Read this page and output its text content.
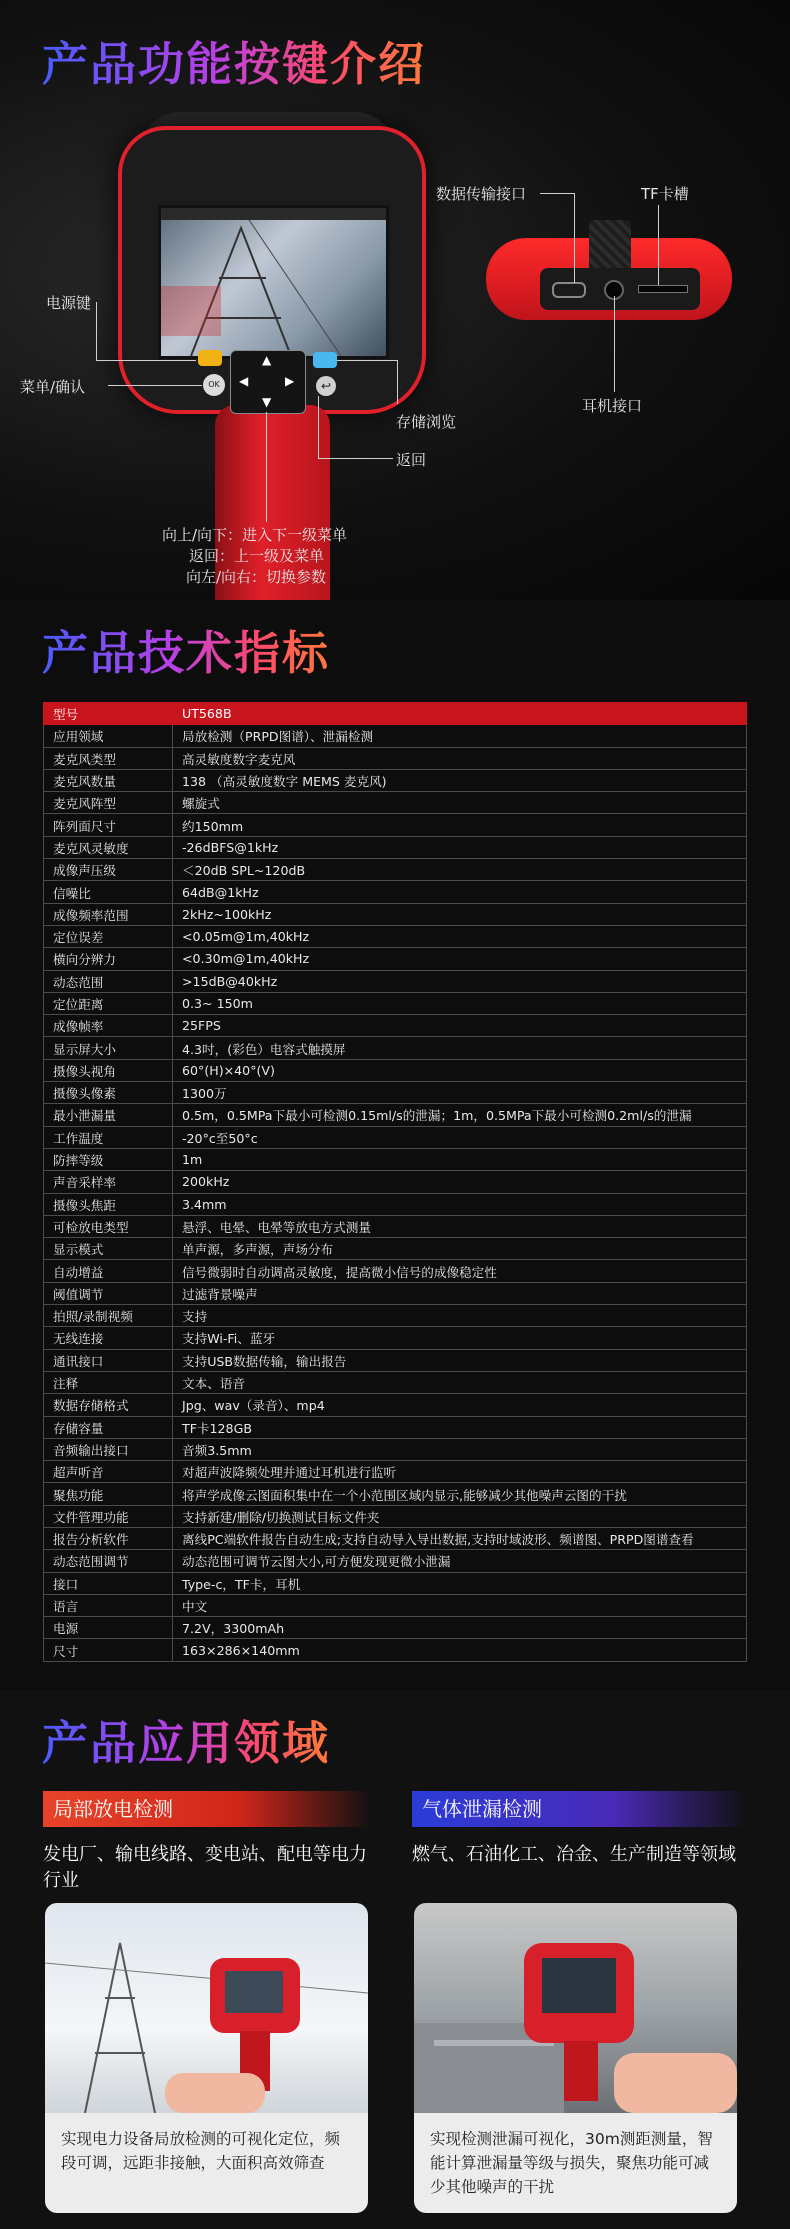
产品功能按键介绍
OK	↩
▲
▼
◀	▶
电源键
菜单/确认
存储浏览
返回
向上/向下：进入下一级菜单
返回：上一级及菜单
向左/向右：切换参数
数据传输接口	TF卡槽
耳机接口
产品技术指标
型号	UT568B
应用领域	局放检测（PRPD图谱）、泄漏检测
麦克风类型	高灵敏度数字麦克风
麦克风数量	138 （高灵敏度数字 MEMS 麦克风)
麦克风阵型	螺旋式
阵列面尺寸	约150mm
麦克风灵敏度	-26dBFS@1kHz
成像声压级	＜20dB SPL~120dB
信噪比	64dB@1kHz
成像频率范围	2kHz~100kHz
定位误差	<0.05m@1m,40kHz
横向分辨力	<0.30m@1m,40kHz
动态范围	>15dB@40kHz
定位距离	0.3~ 150m
成像帧率	25FPS
显示屏大小	4.3吋，(彩色）电容式触摸屏
摄像头视角	60°(H)×40°(V)
摄像头像素	1300万
最小泄漏量	0.5m，0.5MPa下最小可检测0.15ml/s的泄漏；1m，0.5MPa下最小可检测0.2ml/s的泄漏
工作温度	-20°c至50°c
防摔等级	1m
声音采样率	200kHz
摄像头焦距	3.4mm
可检放电类型	悬浮、电晕、电晕等放电方式测量
显示模式	单声源，多声源，声场分布
自动增益	信号微弱时自动调高灵敏度，提高微小信号的成像稳定性
阈值调节	过滤背景噪声
拍照/录制视频	支持
无线连接	支持Wi-Fi、蓝牙
通讯接口	支持USB数据传输，输出报告
注释	文本、语音
数据存储格式	Jpg、wav（录音）、mp4
存储容量	TF卡128GB
音频输出接口	音频3.5mm
超声听音	对超声波降频处理并通过耳机进行监听
聚焦功能	将声学成像云图面积集中在一个小范围区域内显示,能够减少其他噪声云图的干扰
文件管理功能	支持新建/删除/切换测试目标文件夹
报告分析软件	离线PC端软件报告自动生成;支持自动导入导出数据,支持时域波形、频谱图、PRPD图谱查看
动态范围调节	动态范围可调节云图大小,可方便发现更微小泄漏
接口	Type-c，TF卡，耳机
语言	中文
电源	7.2V，3300mAh
尺寸	163×286×140mm
产品应用领域
局部放电检测	气体泄漏检测
发电厂、输电线路、变电站、配电等电力行业
燃气、石油化工、冶金、生产制造等领域
实现电力设备局放检测的可视化定位，频段可调，远距非接触，大面积高效筛查
实现检测泄漏可视化，30m测距测量，智能计算泄漏量等级与损失，聚焦功能可减少其他噪声的干扰
